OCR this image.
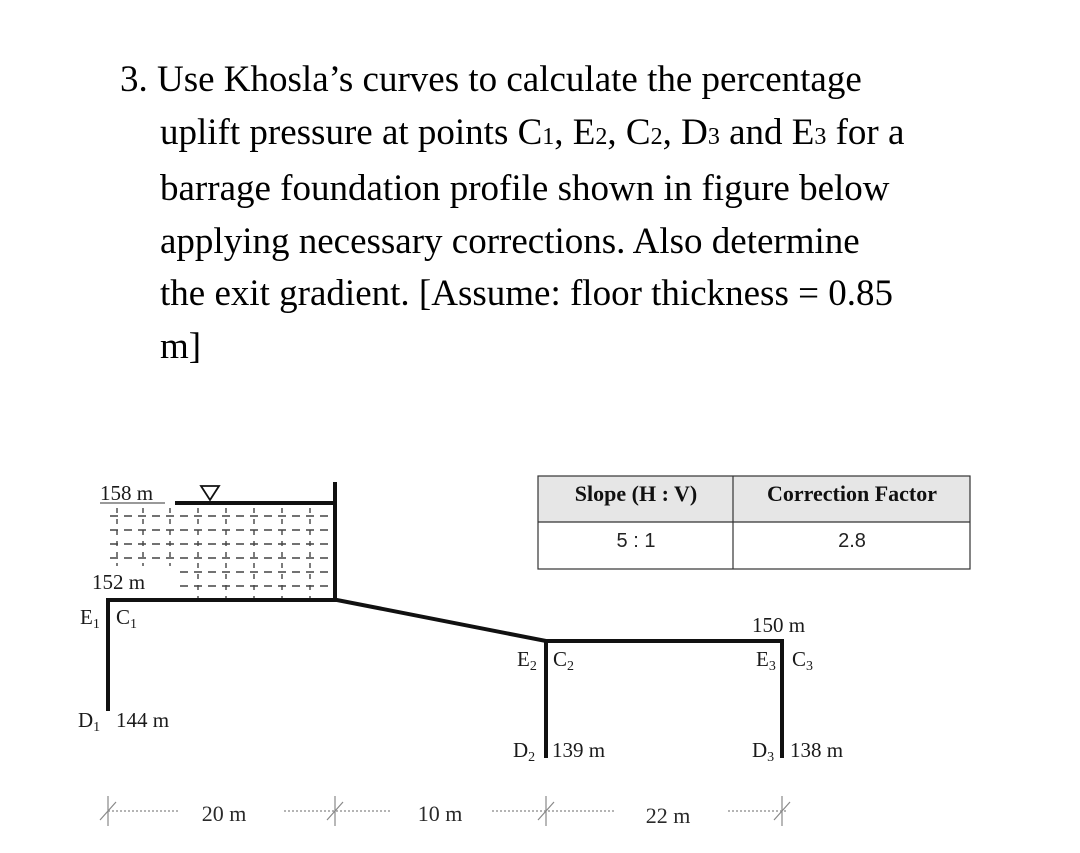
3. Use Khosla’s curves to calculate the percentage
uplift pressure at points C1, E2, C2, D3 and E3 for a
barrage foundation profile shown in figure below
applying necessary corrections. Also determine
the exit gradient. [Assume: floor thickness = 0.85
m]
Slope (H : V)	Correction Factor
5 : 1	2.8
158 m
152 m
E1 C1
D1 144 m
E2 C2
D2 139 m
150 m
E3 C3
D3 138 m
20 m	10 m	22 m
